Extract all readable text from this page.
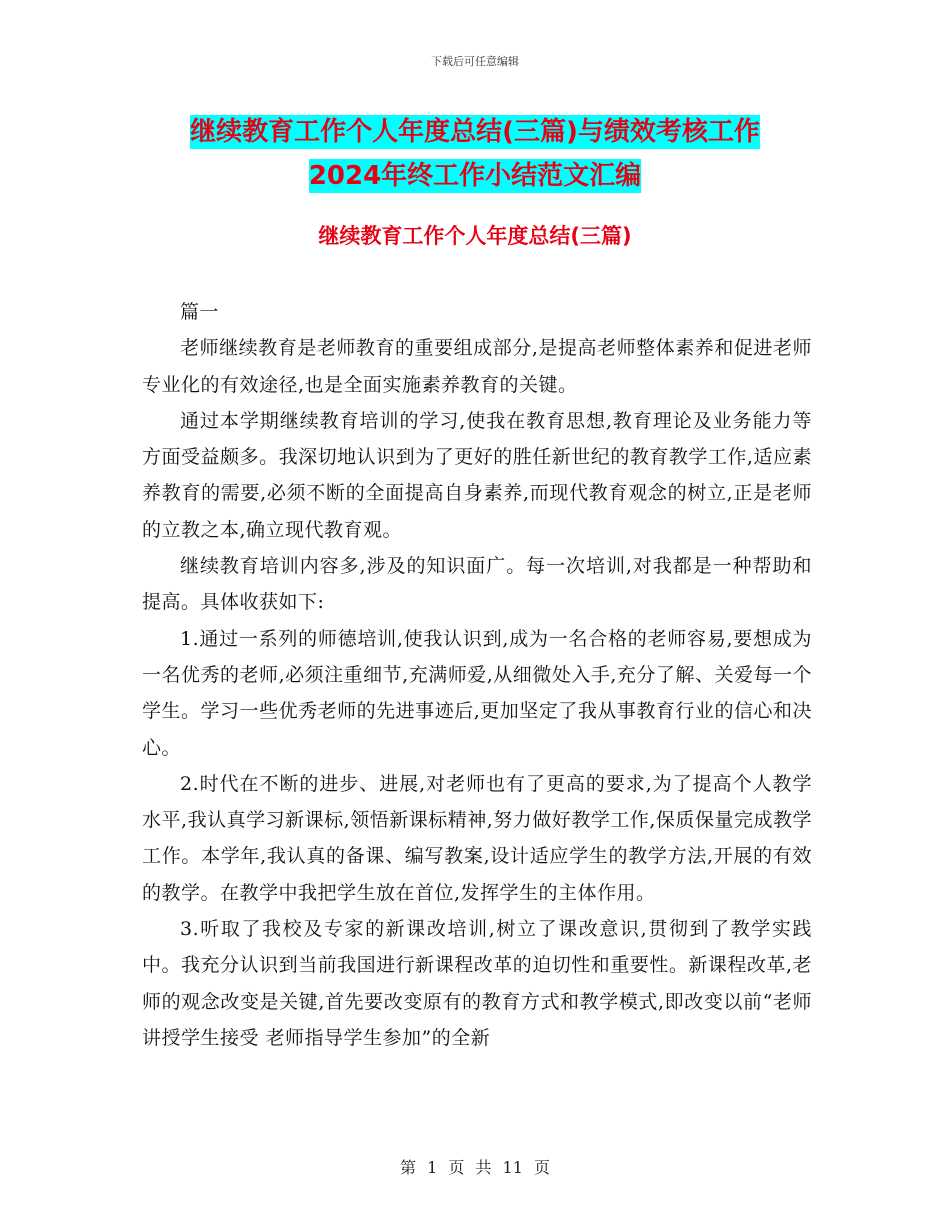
下载后可任意编辑
继续教育工作个人年度总结(三篇)与绩效考核工作
2024年终工作小结范文汇编
继续教育工作个人年度总结(三篇)

篇一

老师继续教育是老师教育的重要组成部分,是提高老师整体素养和促进老师专业化的有效途径,也是全面实施素养教育的关键。

通过本学期继续教育培训的学习,使我在教育思想,教育理论及业务能力等方面受益颇多。我深切地认识到为了更好的胜任新世纪的教育教学工作,适应素养教育的需要,必须不断的全面提高自身素养,而现代教育观念的树立,正是老师的立教之本,确立现代教育观。

继续教育培训内容多,涉及的知识面广。每一次培训,对我都是一种帮助和提高。具体收获如下:

1.通过一系列的师德培训,使我认识到,成为一名合格的老师容易,要想成为一名优秀的老师,必须注重细节,充满师爱,从细微处入手,充分了解、关爱每一个学生。学习一些优秀老师的先进事迹后,更加坚定了我从事教育行业的信心和决心。

2.时代在不断的进步、进展,对老师也有了更高的要求,为了提高个人教学水平,我认真学习新课标,领悟新课标精神,努力做好教学工作,保质保量完成教学工作。本学年,我认真的备课、编写教案,设计适应学生的教学方法,开展的有效的教学。在教学中我把学生放在首位,发挥学生的主体作用。

3.听取了我校及专家的新课改培训,树立了课改意识,贯彻到了教学实践中。我充分认识到当前我国进行新课程改革的迫切性和重要性。新课程改革,老师的观念改变是关键,首先要改变原有的教育方式和教学模式,即改变以前“老师讲授学生接受 老师指导学生参加”的全新

第 1 页 共 11 页
